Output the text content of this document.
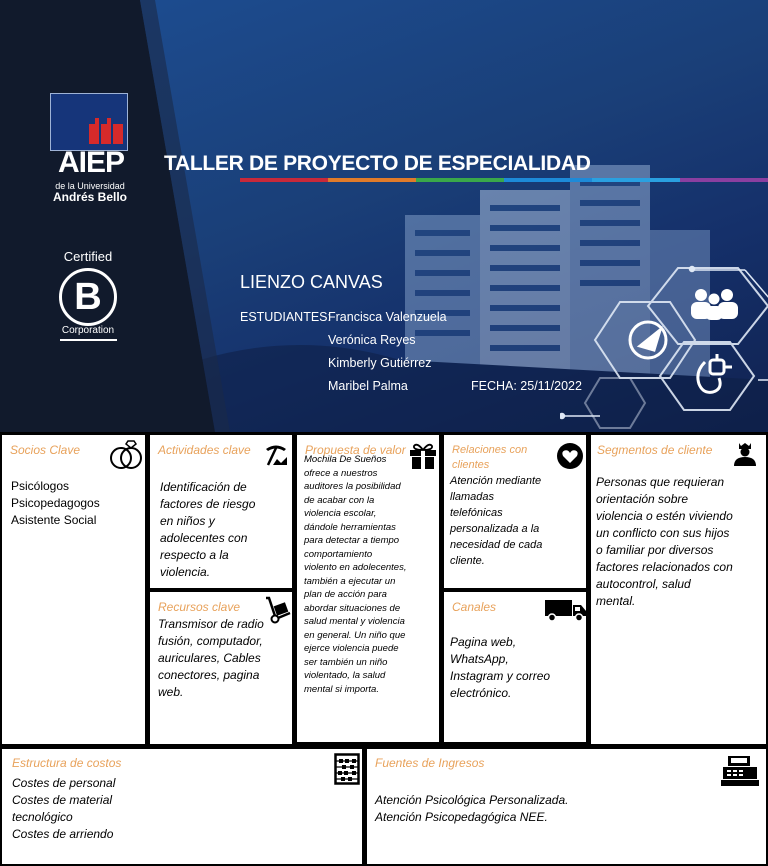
AIEP
de la Universidad
Andrés Bello
Certified
B
Corporation
TALLER DE PROYECTO DE ESPECIALIDAD
LIENZO CANVAS
ESTUDIANTES:
Francisca Valenzuela
Verónica Reyes
Kimberly Gutiérrez
Maribel Palma	FECHA: 25/11/2022
Socios Clave
Psicólogos
Psicopedagogos
Asistente Social
Actividades clave
Identificación de
factores de riesgo
en niños y
adolecentes con
respecto a la
violencia.
Recursos clave
Transmisor de radio
fusión, computador,
auriculares, Cables
conectores, pagina
web.
Propuesta de valor
Mochila De Sueños
ofrece a nuestros
auditores la posibilidad
de acabar con la
violencia escolar,
dándole herramientas
para detectar a tiempo
comportamiento
violento en adolecentes,
también a ejecutar un
plan de acción para
abordar situaciones de
salud mental y violencia
en general. Un niño que
ejerce violencia puede
ser también un niño
violentado, la salud
mental si importa.
Relaciones con
clientes
Atención mediante
llamadas
telefónicas
personalizada a la
necesidad de cada
cliente.
Canales
Pagina web,
WhatsApp,
Instagram y correo
electrónico.
Segmentos de cliente
Personas que requieran
orientación sobre
violencia o estén viviendo
un conflicto con sus hijos
o familiar por diversos
factores relacionados con
autocontrol, salud
mental.
Estructura de costos
Costes de personal
Costes de material
tecnológico
Costes de arriendo
Fuentes de Ingresos
Atención Psicológica Personalizada.
Atención Psicopedagógica NEE.
